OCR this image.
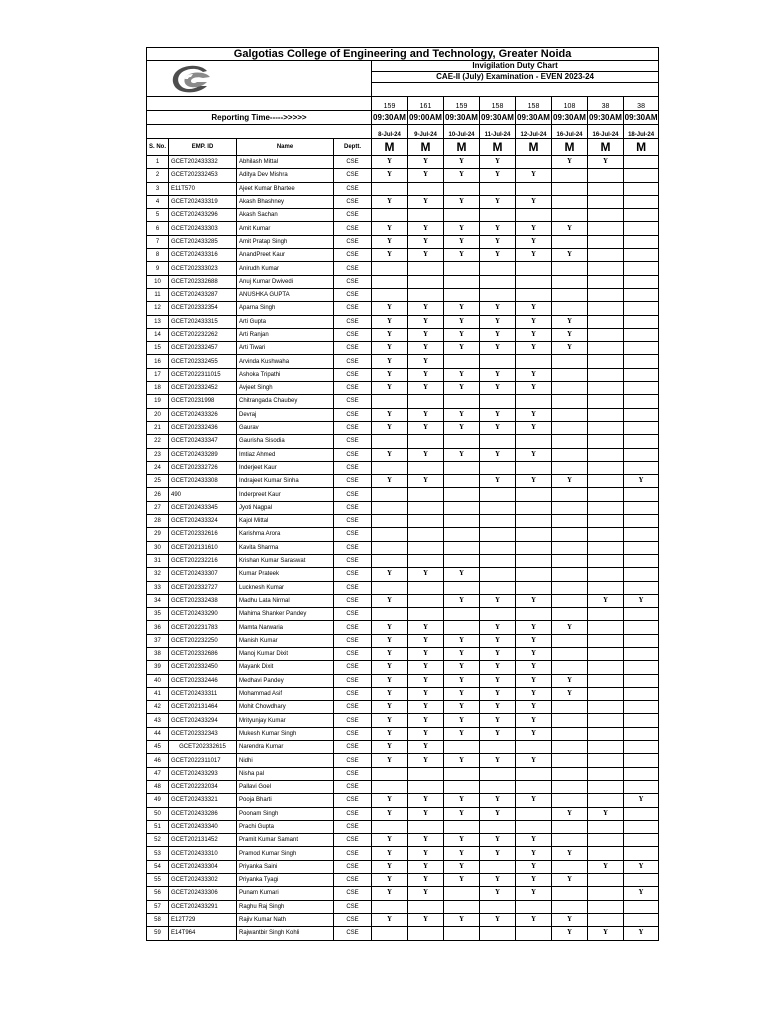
Galgotias College of Engineering and Technology, Greater Noida											

	Invigilation Duty Chart							
				CAE-II (July) Examination - EVEN 2023-24							

				159	161	159	158	158	108	38	38
Reporting Time----->>>>>				09:30AM	09:00AM	09:30AM	09:30AM	09:30AM	09:30AM	09:30AM	09:30AM
				8-Jul-24	9-Jul-24	10-Jul-24	11-Jul-24	12-Jul-24	16-Jul-24	16-Jul-24	18-Jul-24
S. No.	EMP. ID	Name	Deptt.	M	M	M	M	M	M	M	M
1	GCET202433332	Abhilash Mittal	CSE	Y	Y	Y	Y		Y	Y	
2	GCET202332453	Aditya Dev Mishra	CSE	Y	Y	Y	Y	Y			
3	E11T570	Ajeet Kumar Bhartee	CSE								
4	GCET202433319	Akash Bhashney	CSE	Y	Y	Y	Y	Y			
5	GCET202433296	Akash Sachan	CSE								
6	GCET202433303	Amit Kumar	CSE	Y	Y	Y	Y	Y	Y		
7	GCET202433285	Amit Pratap Singh	CSE	Y	Y	Y	Y	Y			
8	GCET202433316	AnandPreet Kaur	CSE	Y	Y	Y	Y	Y	Y		
9	GCET202333023	Anirudh Kumar	CSE								
10	GCET202332688	Anuj Kumar Dwivedi	CSE								
11	GCET202433287	ANUSHKA GUPTA	CSE								
12	GCET202332354	Aparna Singh	CSE	Y	Y	Y	Y	Y			
13	GCET202433315	Arti Gupta	CSE	Y	Y	Y	Y	Y	Y		
14	GCET202232262	Arti Ranjan	CSE	Y	Y	Y	Y	Y	Y		
15	GCET202332457	Arti Tiwari	CSE	Y	Y	Y	Y	Y	Y		
16	GCET202332455	Arvinda Kushwaha	CSE	Y	Y						
17	GCET2022311015	Ashoka Tripathi	CSE	Y	Y	Y	Y	Y			
18	GCET202332452	Avjeet Singh	CSE	Y	Y	Y	Y	Y			
19	GCET20231998	Chitrangada Chaubey	CSE								
20	GCET202433326	Devraj	CSE	Y	Y	Y	Y	Y			
21	GCET202332436	Gaurav	CSE	Y	Y	Y	Y	Y			
22	GCET202433347	Gaurisha Sisodia	CSE								
23	GCET202433289	Imtiaz Ahmed	CSE	Y	Y	Y	Y	Y			
24	GCET202332726	Inderjeet Kaur	CSE								
25	GCET202433308	Indrajeet Kumar Sinha	CSE	Y	Y		Y	Y	Y		Y
26	490	Inderpreet Kaur	CSE								
27	GCET202433345	Jyoti Nagpal	CSE								
28	GCET202433324	Kajol Mittal	CSE								
29	GCET202332616	Karishma Arora	CSE								
30	GCET202131610	Kavita Sharma	CSE								
31	GCET202232216	Krishan Kumar Saraswat	CSE								
32	GCET202433307	Kumar Prateek	CSE	Y	Y	Y					
33	GCET202332727	Lucknesh Kumar	CSE								
34	GCET202332438	Madhu Lata Nirmal	CSE	Y		Y	Y	Y		Y	Y
35	GCET202433290	Mahima Shanker Pandey	CSE								
36	GCET202231783	Mamta Narwaria	CSE	Y	Y		Y	Y	Y		
37	GCET202232250	Manish Kumar	CSE	Y	Y	Y	Y	Y			
38	GCET202332686	Manoj Kumar Dixit	CSE	Y	Y	Y	Y	Y			
39	GCET202332450	Mayank Dixit	CSE	Y	Y	Y	Y	Y			
40	GCET202332446	Medhavi Pandey	CSE	Y	Y	Y	Y	Y	Y		
41	GCET202433311	Mohammad Asif	CSE	Y	Y	Y	Y	Y	Y		
42	GCET202131464	Mohit Chowdhary	CSE	Y	Y	Y	Y	Y			
43	GCET202433294	Mrityunjay Kumar	CSE	Y	Y	Y	Y	Y			
44	GCET202332343	Mukesh Kumar Singh	CSE	Y	Y	Y	Y	Y			
45	GCET202332615	Narendra Kumar	CSE	Y	Y						
46	GCET2022311017	Nidhi	CSE	Y	Y	Y	Y	Y			
47	GCET202433293	Nisha pal	CSE								
48	GCET202232034	Pallavi Goel	CSE								
49	GCET202433321	Pooja Bharti	CSE	Y	Y	Y	Y	Y			Y
50	GCET202433286	Poonam Singh	CSE	Y	Y	Y	Y		Y	Y	
51	GCET202433340	Prachi Gupta	CSE								
52	GCET202131452	Pramit Kumar Samant	CSE	Y	Y	Y	Y	Y			
53	GCET202433310	Pramod Kumar Singh	CSE	Y	Y	Y	Y	Y	Y		
54	GCET202433304	Priyanka Saini	CSE	Y	Y	Y		Y		Y	Y
55	GCET202433302	Priyanka Tyagi	CSE	Y	Y	Y	Y	Y	Y		
56	GCET202433306	Punam Kumari	CSE	Y	Y		Y	Y			Y
57	GCET202433291	Raghu Raj Singh	CSE								
58	E12T729	Rajiv Kumar Nath	CSE	Y	Y	Y	Y	Y	Y		
59	E14T964	Rajwantbir Singh Kohli	CSE						Y	Y	Y
